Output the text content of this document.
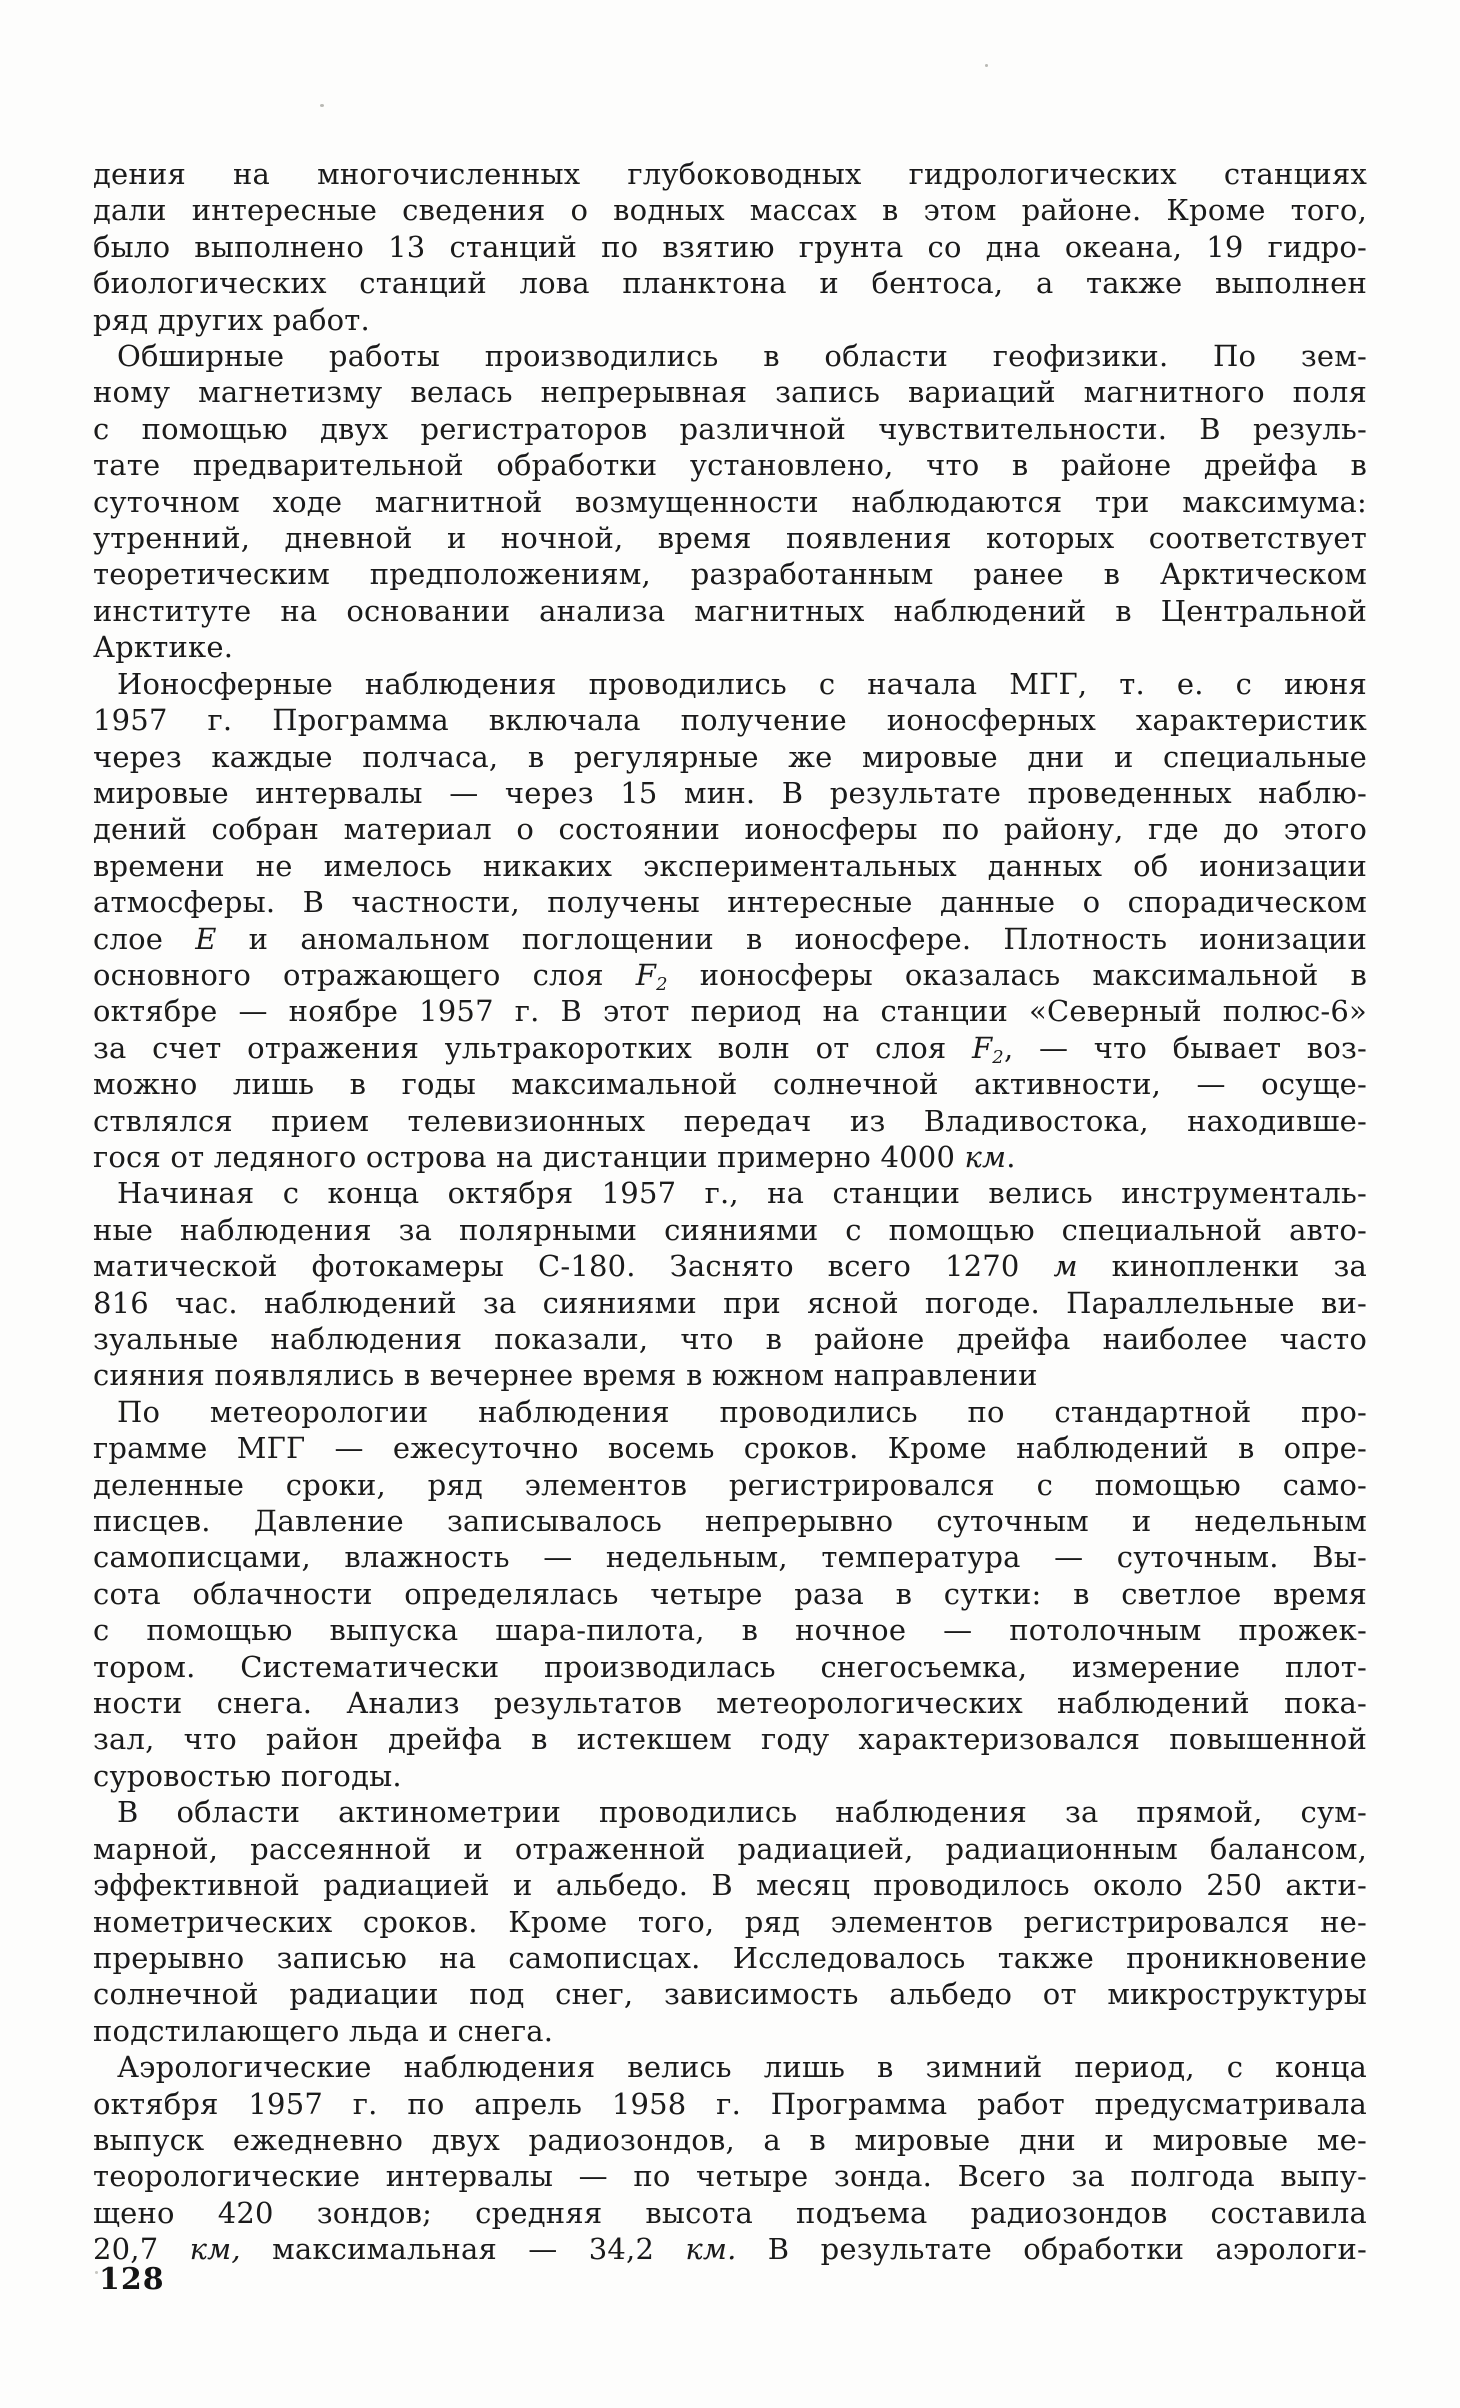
дения на многочисленных глубоководных гидрологических станциях
дали интересные сведения о водных массах в этом районе. Кроме того,
было выполнено 13 станций по взятию грунта со дна океана, 19 гидро-
биологических станций лова планктона и бентоса, а также выполнен
ряд других работ.
Обширные работы производились в области геофизики. По зем-
ному магнетизму велась непрерывная запись вариаций магнитного поля
с помощью двух регистраторов различной чувствительности. В резуль-
тате предварительной обработки установлено, что в районе дрейфа в
суточном ходе магнитной возмущенности наблюдаются три максимума:
утренний, дневной и ночной, время появления которых соответствует
теоретическим предположениям, разработанным ранее в Арктическом
институте на основании анализа магнитных наблюдений в Центральной
Арктике.
Ионосферные наблюдения проводились с начала МГГ, т. е. с июня
1957 г. Программа включала получение ионосферных характеристик
через каждые полчаса, в регулярные же мировые дни и специальные
мировые интервалы — через 15 мин. В результате проведенных наблю-
дений собран материал о состоянии ионосферы по району, где до этого
времени не имелось никаких экспериментальных данных об ионизации
атмосферы. В частности, получены интересные данные о спорадическом
слое Е и аномальном поглощении в ионосфере. Плотность ионизации
основного отражающего слоя $F_2$ ионосферы оказалась максимальной в
октябре — ноябре 1957 г. В этот период на станции «Северный полюс-6»
за счет отражения ультракоротких волн от слоя $F_2$, — что бывает воз-
можно лишь в годы максимальной солнечной активности, — осуще-
ствлялся прием телевизионных передач из Владивостока, находивше-
гося от ледяного острова на дистанции примерно 4000 км.
Начиная с конца октября 1957 г., на станции велись инструменталь-
ные наблюдения за полярными сияниями с помощью специальной авто-
матической фотокамеры С-180. Заснято всего 1270 м кинопленки за
816 час. наблюдений за сияниями при ясной погоде. Параллельные ви-
зуальные наблюдения показали, что в районе дрейфа наиболее часто
сияния появлялись в вечернее время в южном направлении
По метеорологии наблюдения проводились по стандартной про-
грамме МГГ — ежесуточно восемь сроков. Кроме наблюдений в опре-
деленные сроки, ряд элементов регистрировался с помощью само-
писцев. Давление записывалось непрерывно суточным и недельным
самописцами, влажность — недельным, температура — суточным. Вы-
сота облачности определялась четыре раза в сутки: в светлое время
с помощью выпуска шара-пилота, в ночное — потолочным прожек-
тором. Систематически производилась снегосъемка, измерение плот-
ности снега. Анализ результатов метеорологических наблюдений пока-
зал, что район дрейфа в истекшем году характеризовался повышенной
суровостью погоды.
В области актинометрии проводились наблюдения за прямой, сум-
марной, рассеянной и отраженной радиацией, радиационным балансом,
эффективной радиацией и альбедо. В месяц проводилось около 250 акти-
нометрических сроков. Кроме того, ряд элементов регистрировался не-
прерывно записью на самописцах. Исследовалось также проникновение
солнечной радиации под снег, зависимость альбедо от микроструктуры
подстилающего льда и снега.
Аэрологические наблюдения велись лишь в зимний период, с конца
октября 1957 г. по апрель 1958 г. Программа работ предусматривала
выпуск ежедневно двух радиозондов, а в мировые дни и мировые ме-
теорологические интервалы — по четыре зонда. Всего за полгода выпу-
щено 420 зондов; средняя высота подъема радиозондов составила
20,7 км, максимальная — 34,2 км. В результате обработки аэрологи-
128
